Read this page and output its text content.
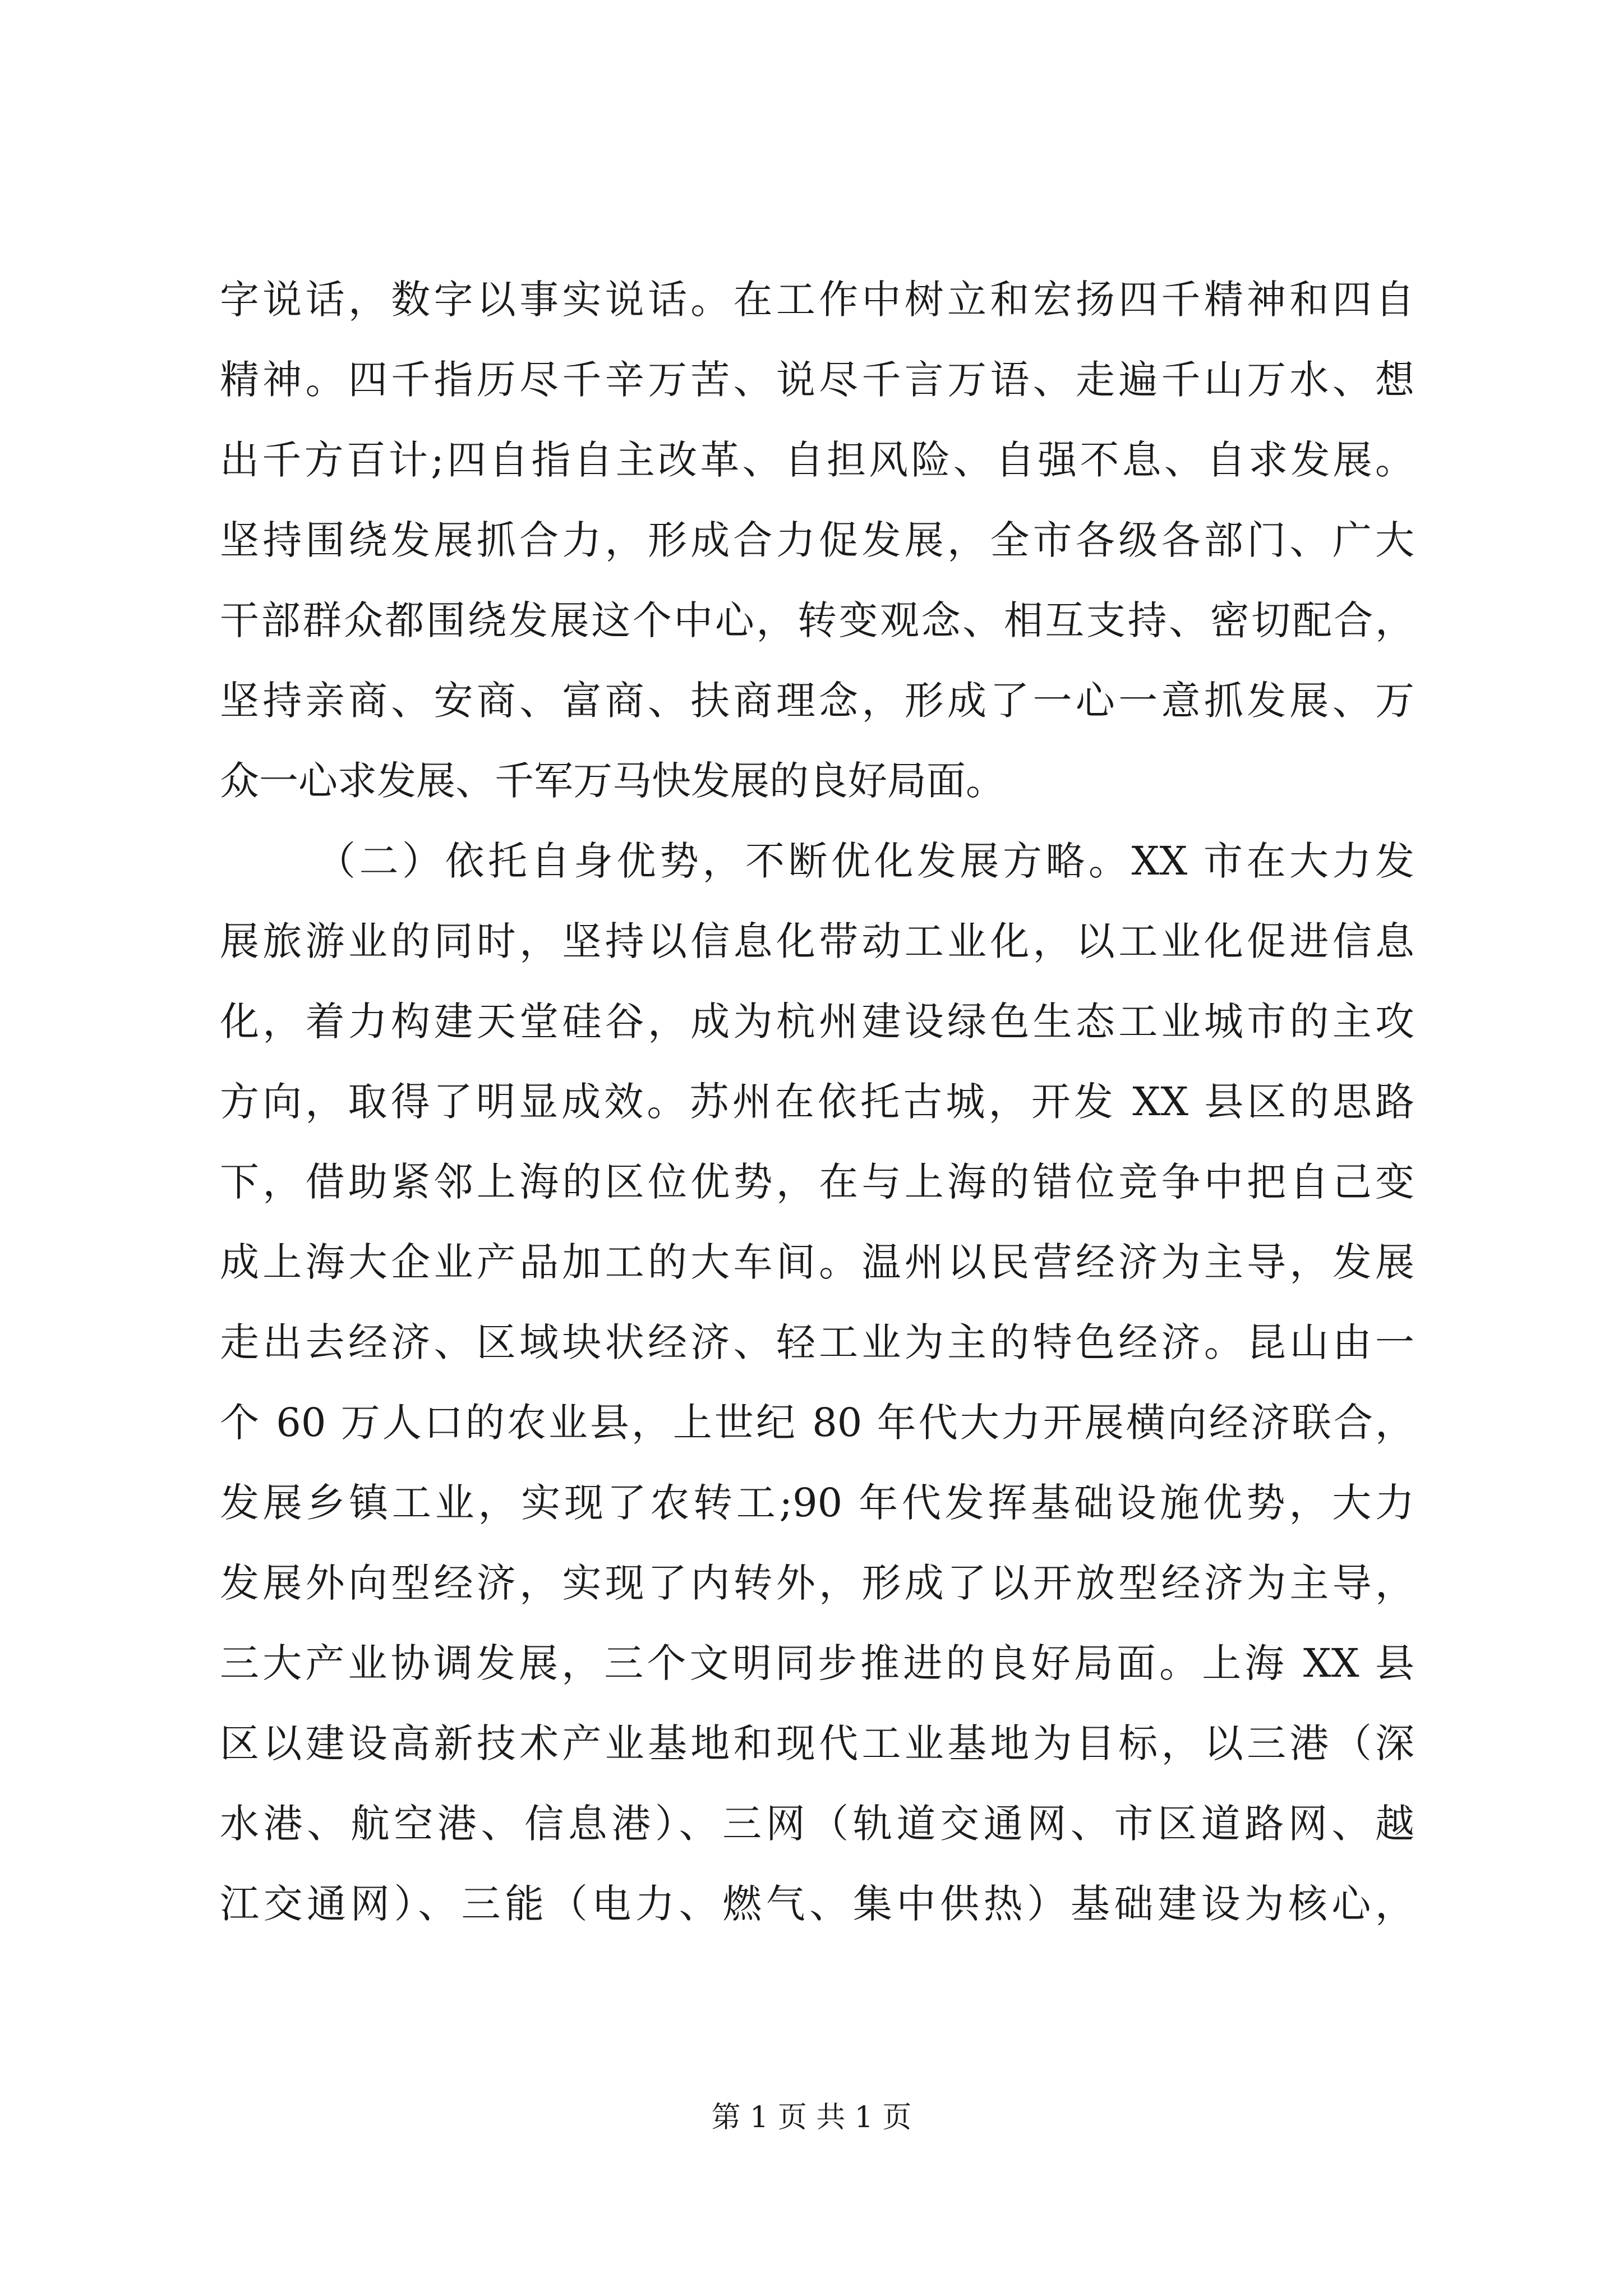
字说话，数字以事实说话。在工作中树立和宏扬四千精神和四自
精神。四千指历尽千辛万苦、说尽千言万语、走遍千山万水、想
出千方百计;四自指自主改革、自担风险、自强不息、自求发展。
坚持围绕发展抓合力，形成合力促发展，全市各级各部门、广大
干部群众都围绕发展这个中心，转变观念、相互支持、密切配合，
坚持亲商、安商、富商、扶商理念，形成了一心一意抓发展、万
众一心求发展、千军万马快发展的良好局面。
（二）依托自身优势，不断优化发展方略。XX 市在大力发
展旅游业的同时，坚持以信息化带动工业化，以工业化促进信息
化，着力构建天堂硅谷，成为杭州建设绿色生态工业城市的主攻
方向，取得了明显成效。苏州在依托古城，开发 XX 县区的思路
下，借助紧邻上海的区位优势，在与上海的错位竞争中把自己变
成上海大企业产品加工的大车间。温州以民营经济为主导，发展
走出去经济、区域块状经济、轻工业为主的特色经济。昆山由一
个 60 万人口的农业县，上世纪 80 年代大力开展横向经济联合，
发展乡镇工业，实现了农转工;90 年代发挥基础设施优势，大力
发展外向型经济，实现了内转外，形成了以开放型经济为主导，
三大产业协调发展，三个文明同步推进的良好局面。上海 XX 县
区以建设高新技术产业基地和现代工业基地为目标，以三港（深
水港、航空港、信息港）、三网（轨道交通网、市区道路网、越
江交通网）、三能（电力、燃气、集中供热）基础建设为核心，
第 1 页 共 1 页
